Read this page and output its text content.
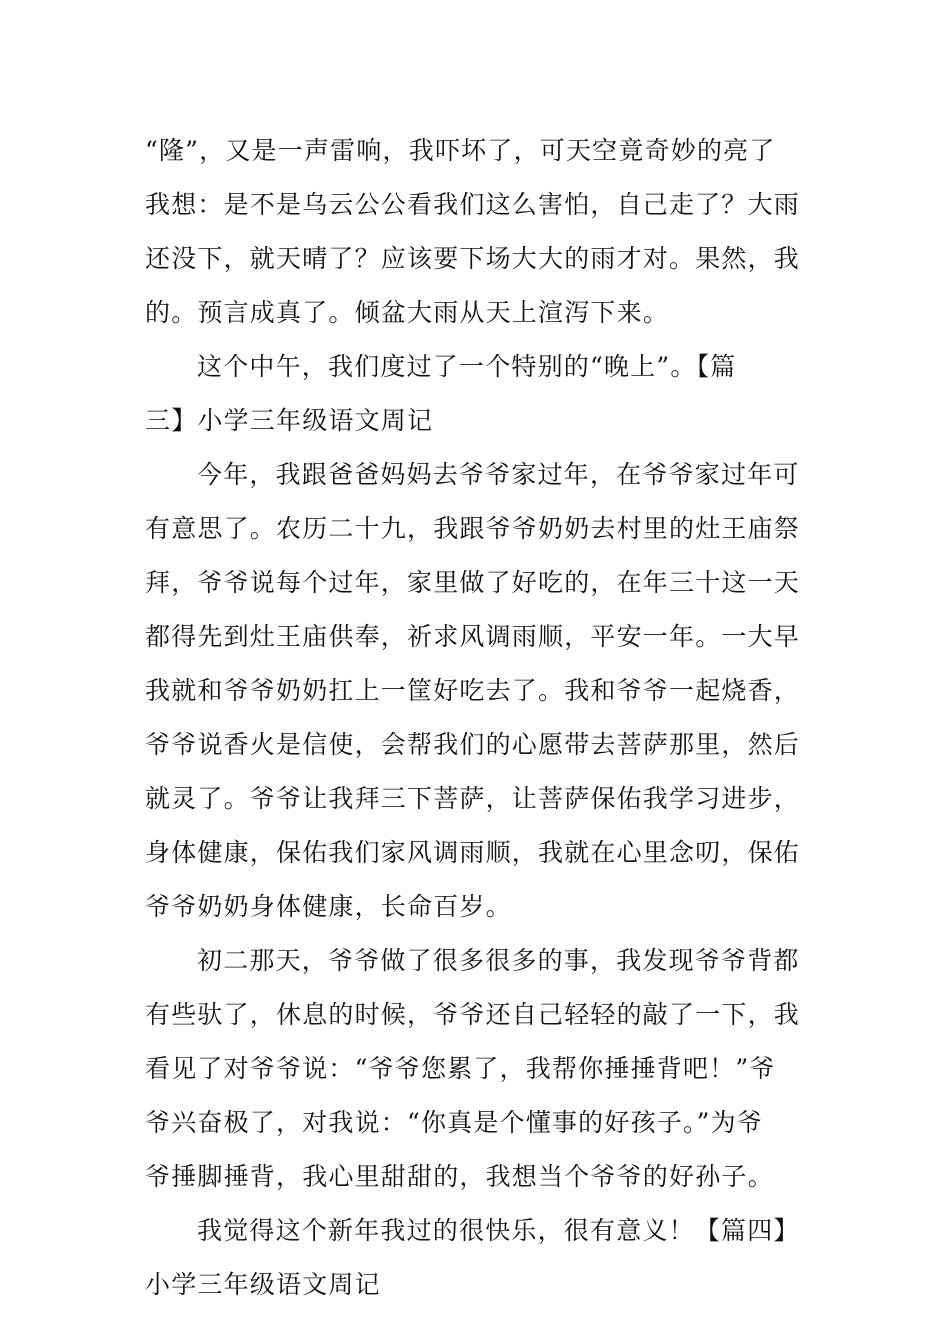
“隆”，又是一声雷响，我吓坏了，可天空竟奇妙的亮了
我想：是不是乌云公公看我们这么害怕，自己走了？大雨
还没下，就天晴了？应该要下场大大的雨才对。果然，我
的。预言成真了。倾盆大雨从天上渲泻下来。
这个中午，我们度过了一个特别的“晚上”。【篇
三】小学三年级语文周记
今年，我跟爸爸妈妈去爷爷家过年，在爷爷家过年可
有意思了。农历二十九，我跟爷爷奶奶去村里的灶王庙祭
拜，爷爷说每个过年，家里做了好吃的，在年三十这一天
都得先到灶王庙供奉，祈求风调雨顺，平安一年。一大早
我就和爷爷奶奶扛上一筐好吃去了。我和爷爷一起烧香，
爷爷说香火是信使，会帮我们的心愿带去菩萨那里，然后
就灵了。爷爷让我拜三下菩萨，让菩萨保佑我学习进步，
身体健康，保佑我们家风调雨顺，我就在心里念叨，保佑
爷爷奶奶身体健康，长命百岁。
初二那天，爷爷做了很多很多的事，我发现爷爷背都
有些驮了，休息的时候，爷爷还自己轻轻的敲了一下，我
看见了对爷爷说：“爷爷您累了，我帮你捶捶背吧！”爷
爷兴奋极了，对我说：“你真是个懂事的好孩子。”为爷
爷捶脚捶背，我心里甜甜的，我想当个爷爷的好孙子。
我觉得这个新年我过的很快乐，很有意义！【篇四】
小学三年级语文周记
